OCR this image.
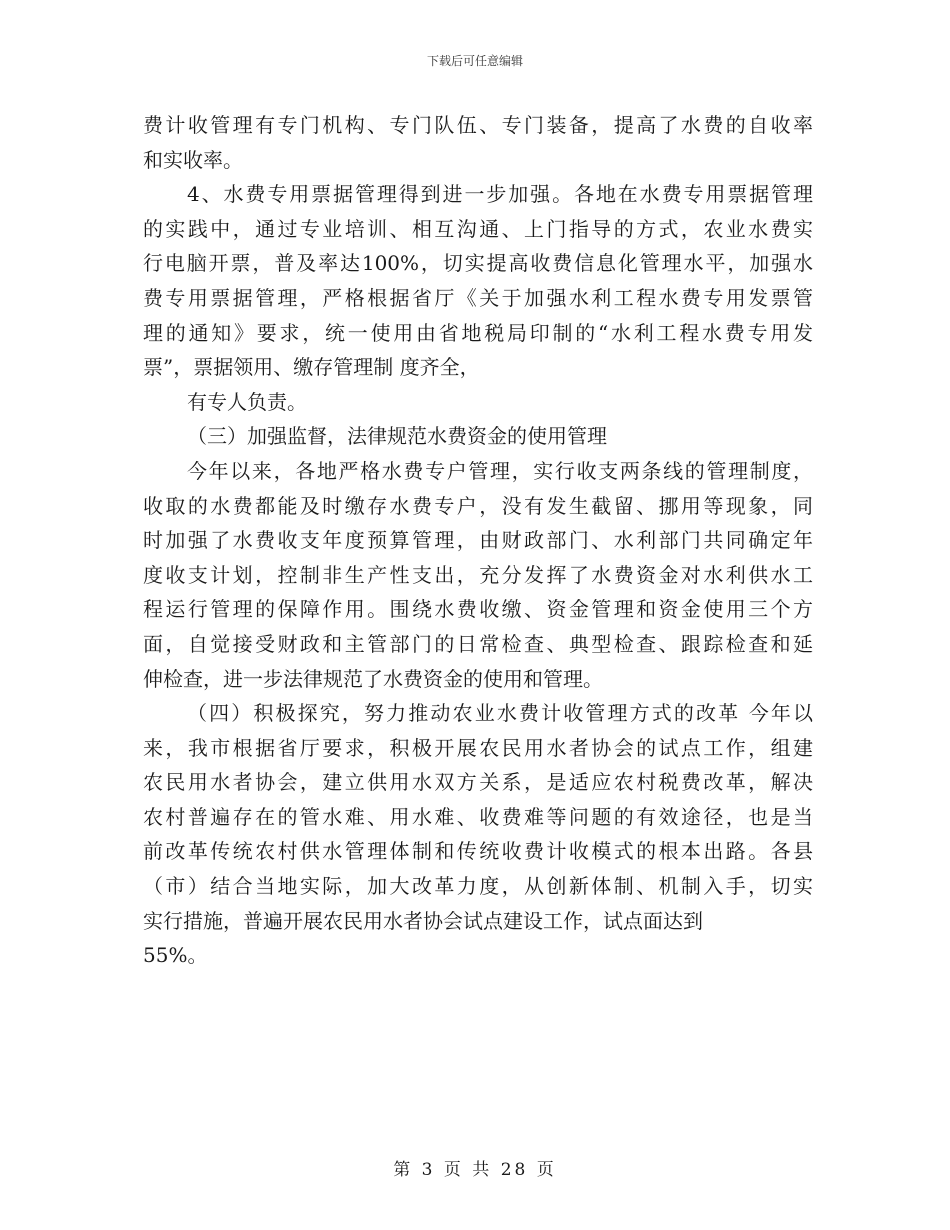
下载后可任意编辑

费计收管理有专门机构、专门队伍、专门装备，提高了水费的自收率

和实收率。

4、水费专用票据管理得到进一步加强。各地在水费专用票据管理

的实践中，通过专业培训、相互沟通、上门指导的方式，农业水费实

行电脑开票，普及率达100%，切实提高收费信息化管理水平，加强水

费专用票据管理，严格根据省厅《关于加强水利工程水费专用发票管

理的通知》要求，统一使用由省地税局印制的“水利工程水费专用发

票”，票据领用、缴存管理制 度齐全，

有专人负责。

（三）加强监督，法律规范水费资金的使用管理

今年以来，各地严格水费专户管理，实行收支两条线的管理制度，

收取的水费都能及时缴存水费专户，没有发生截留、挪用等现象，同

时加强了水费收支年度预算管理，由财政部门、水利部门共同确定年

度收支计划，控制非生产性支出，充分发挥了水费资金对水利供水工

程运行管理的保障作用。围绕水费收缴、资金管理和资金使用三个方

面，自觉接受财政和主管部门的日常检查、典型检查、跟踪检查和延

伸检查，进一步法律规范了水费资金的使用和管理。

（四）积极探究，努力推动农业水费计收管理方式的改革 今年以

来，我市根据省厅要求，积极开展农民用水者协会的试点工作，组建

农民用水者协会，建立供用水双方关系，是适应农村税费改革，解决

农村普遍存在的管水难、用水难、收费难等问题的有效途径，也是当

前改革传统农村供水管理体制和传统收费计收模式的根本出路。各县

（市）结合当地实际，加大改革力度，从创新体制、机制入手，切实

实行措施，普遍开展农民用水者协会试点建设工作，试点面达到

55%。

第 3 页 共 28 页
